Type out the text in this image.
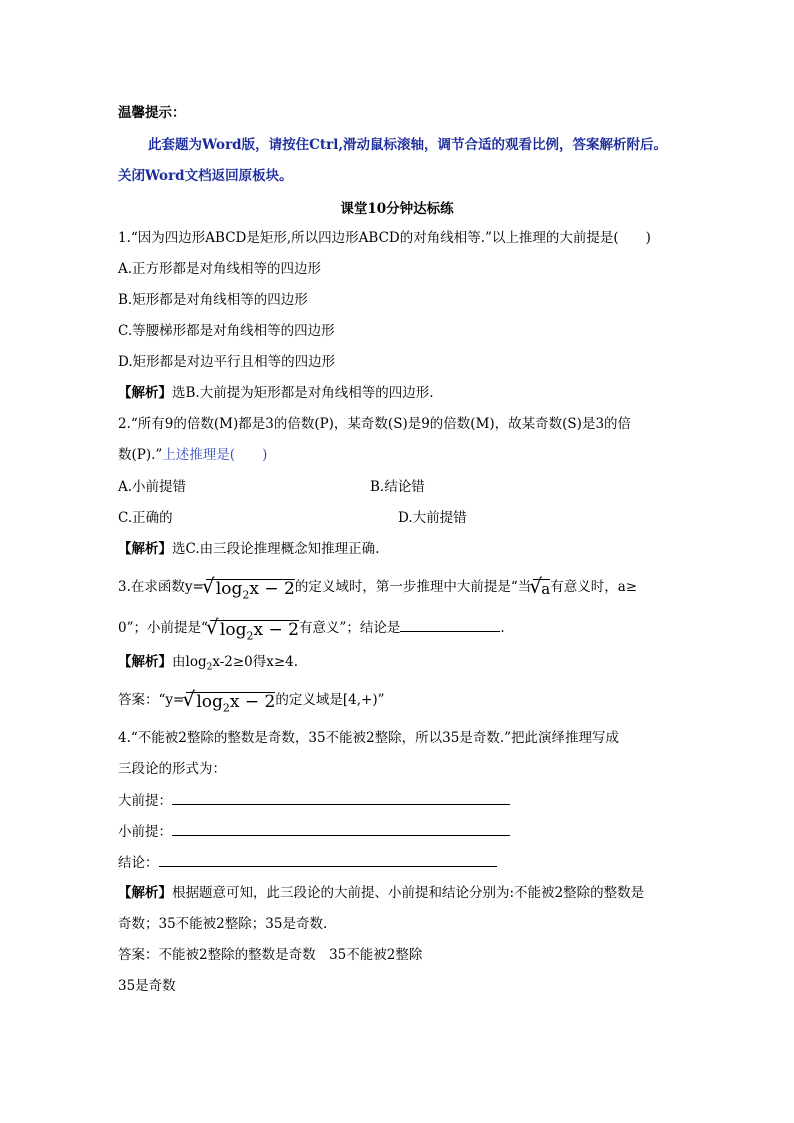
温馨提示：
此套题为Word版，请按住Ctrl,滑动鼠标滚轴，调节合适的观看比例，答案解析附后。
关闭Word文档返回原板块。
课堂10分钟达标练
1.“因为四边形ABCD是矩形,所以四边形ABCD的对角线相等.”以上推理的大前提是(　　)
A.正方形都是对角线相等的四边形
B.矩形都是对角线相等的四边形
C.等腰梯形都是对角线相等的四边形
D.矩形都是对边平行且相等的四边形
【解析】选B.大前提为矩形都是对角线相等的四边形.
2.“所有9的倍数(M)都是3的倍数(P)，某奇数(S)是9的倍数(M)，故某奇数(S)是3的倍
数(P).”上述推理是(　　)
A.小前提错	B.结论错
C.正确的	D.大前提错
【解析】选C.由三段论推理概念知推理正确.
3.在求函数y= √ $\log_2x - 2$的定义域时，第一步推理中大前提是“当 √ a有意义时，a≥
0”；小前提是“ √ $\log_2x - 2$有意义”；结论是	.
【解析】由$\log_2x-2\ge 0$得x≥4.
答案：“y= √ $\log_2x - 2$的定义域是[4,+)”
4.“不能被2整除的整数是奇数，35不能被2整除，所以35是奇数.”把此演绎推理写成
三段论的形式为：
大前提：
小前提：
结论：
【解析】根据题意可知，此三段论的大前提、小前提和结论分别为:不能被2整除的整数是
奇数；35不能被2整除；35是奇数.
答案：不能被2整除的整数是奇数　35不能被2整除
35是奇数
